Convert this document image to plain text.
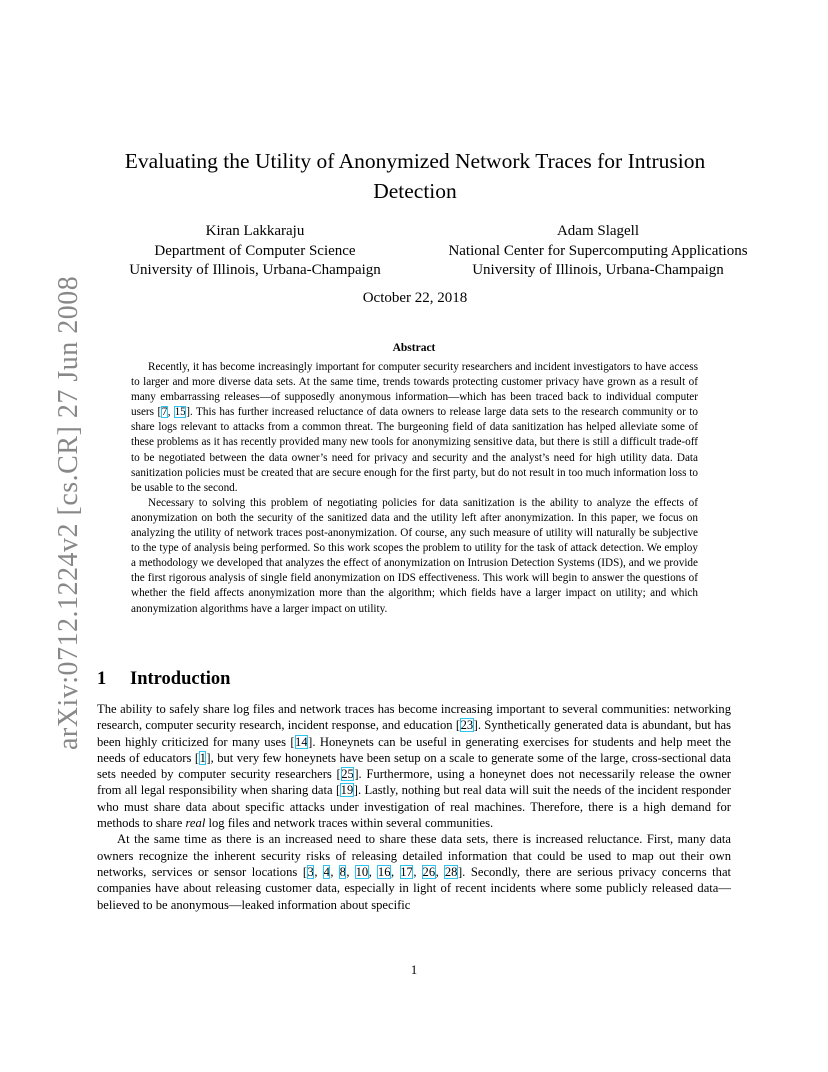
arXiv:0712.1224v2 [cs.CR] 27 Jun 2008
Evaluating the Utility of Anonymized Network Traces for Intrusion Detection
Kiran Lakkaraju
Department of Computer Science
University of Illinois, Urbana-Champaign
Adam Slagell
National Center for Supercomputing Applications
University of Illinois, Urbana-Champaign
October 22, 2018
Abstract

Recently, it has become increasingly important for computer security researchers and incident investigators to have access to larger and more diverse data sets. At the same time, trends towards protecting customer privacy have grown as a result of many embarrassing releases—of supposedly anonymous information—which has been traced back to individual computer users [7, 15]. This has further increased reluctance of data owners to release large data sets to the research community or to share logs relevant to attacks from a common threat. The burgeoning field of data sanitization has helped alleviate some of these problems as it has recently provided many new tools for anonymizing sensitive data, but there is still a difficult trade-off to be negotiated between the data owner’s need for privacy and security and the analyst’s need for high utility data. Data sanitization policies must be created that are secure enough for the first party, but do not result in too much information loss to be usable to the second.

Necessary to solving this problem of negotiating policies for data sanitization is the ability to analyze the effects of anonymization on both the security of the sanitized data and the utility left after anonymization. In this paper, we focus on analyzing the utility of network traces post-anonymization. Of course, any such measure of utility will naturally be subjective to the type of analysis being performed. So this work scopes the problem to utility for the task of attack detection. We employ a methodology we developed that analyzes the effect of anonymization on Intrusion Detection Systems (IDS), and we provide the first rigorous analysis of single field anonymization on IDS effectiveness. This work will begin to answer the questions of whether the field affects anonymization more than the algorithm; which fields have a larger impact on utility; and which anonymization algorithms have a larger impact on utility.

1 Introduction

The ability to safely share log files and network traces has become increasing important to several communities: networking research, computer security research, incident response, and education [23]. Synthetically generated data is abundant, but has been highly criticized for many uses [14]. Honeynets can be useful in generating exercises for students and help meet the needs of educators [1], but very few honeynets have been setup on a scale to generate some of the large, cross-sectional data sets needed by computer security researchers [25]. Furthermore, using a honeynet does not necessarily release the owner from all legal responsibility when sharing data [19]. Lastly, nothing but real data will suit the needs of the incident responder who must share data about specific attacks under investigation of real machines. Therefore, there is a high demand for methods to share real log files and network traces within several communities.

At the same time as there is an increased need to share these data sets, there is increased reluctance. First, many data owners recognize the inherent security risks of releasing detailed information that could be used to map out their own networks, services or sensor locations [3, 4, 8, 10, 16, 17, 26, 28]. Secondly, there are serious privacy concerns that companies have about releasing customer data, especially in light of recent incidents where some publicly released data—believed to be anonymous—leaked information about specific

1
